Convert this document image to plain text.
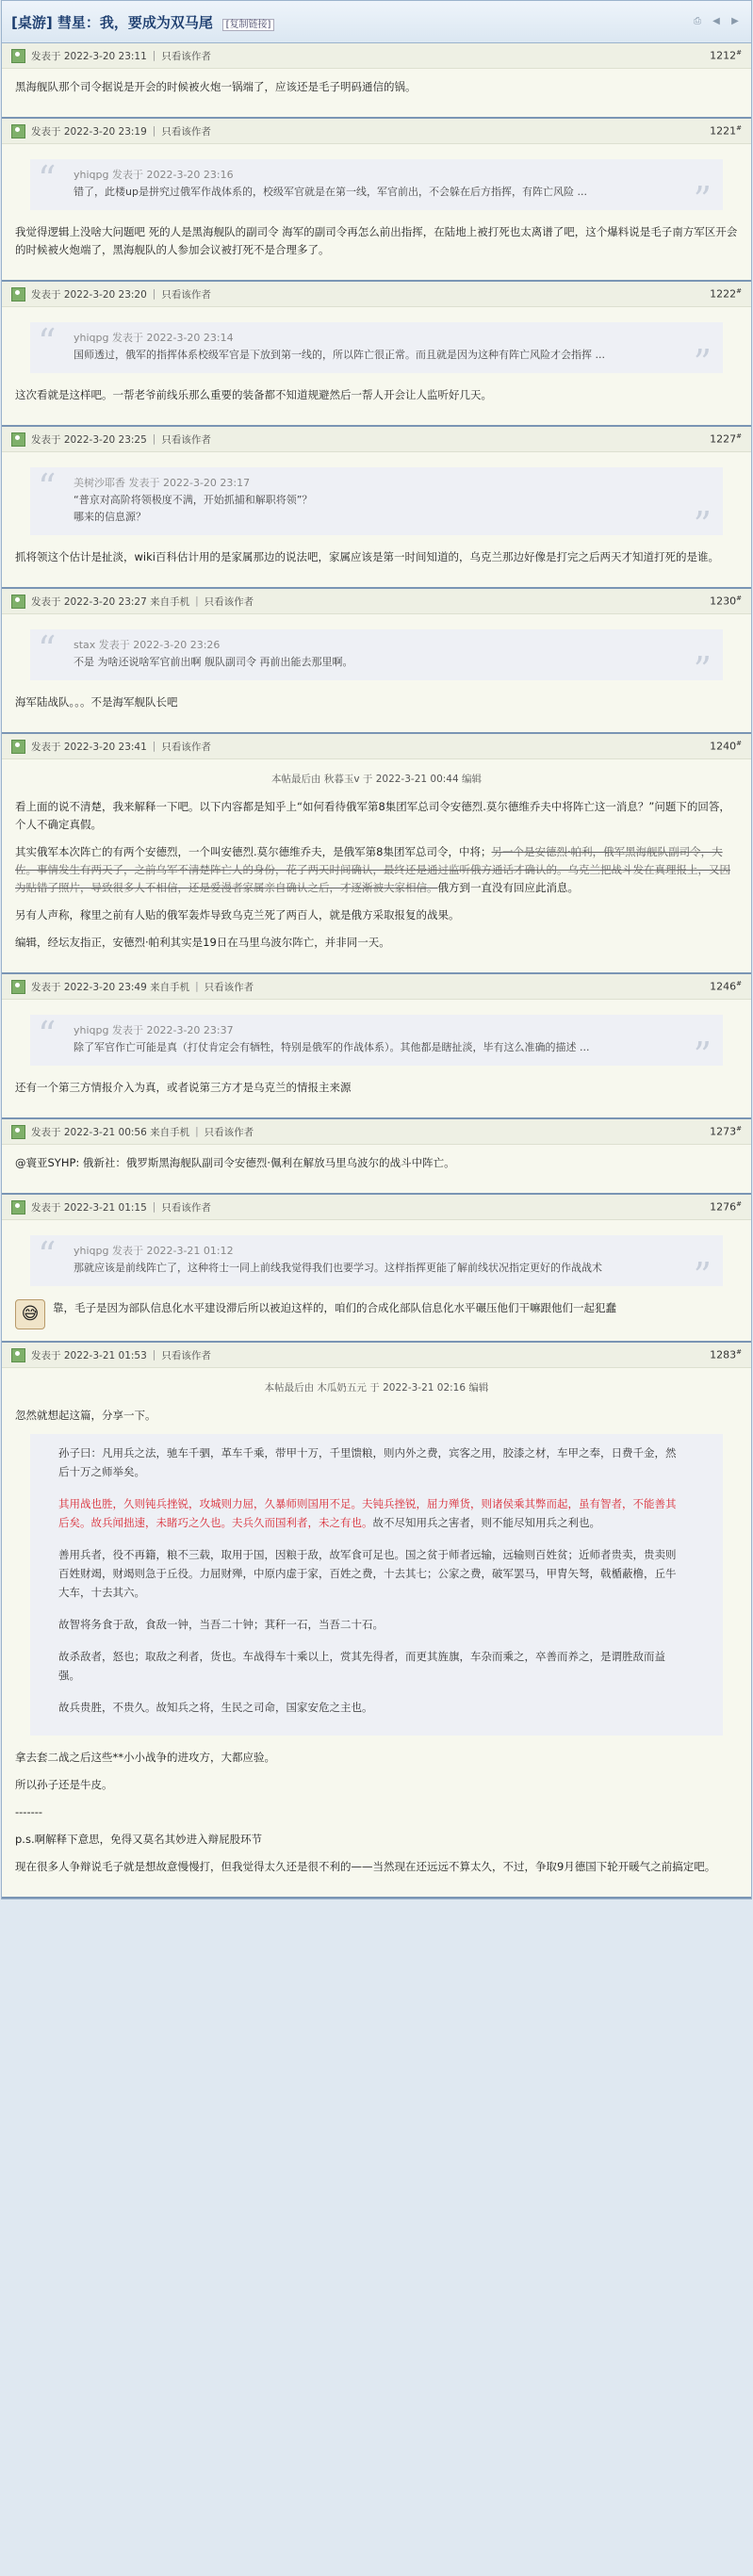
[桌游] 彗星：我，要成为双马尾 [复制链接]	⎙	◀	▶
发表于 2022-3-20 23:11 | 只看该作者	1212#

黑海舰队那个司令据说是开会的时候被火炮一锅端了，应该还是毛子明码通信的锅。

发表于 2022-3-20 23:19 | 只看该作者	1221#
“ yhiqpg 发表于 2022-3-20 23:16
错了，此楼up是拼究过俄军作战体系的，校级军官就是在第一线，军官前出，不会躲在后方指挥，有阵亡风险 ...	”

我觉得逻辑上没啥大问题吧 死的人是黑海舰队的副司令 海军的副司令再怎么前出指挥，在陆地上被打死也太离谱了吧，这个爆料说是毛子南方军区开会的时候被火炮端了，黑海舰队的人参加会议被打死不是合理多了。

发表于 2022-3-20 23:20 | 只看该作者	1222#
“ yhiqpg 发表于 2022-3-20 23:14
国师透过，俄军的指挥体系校级军官是下放到第一线的，所以阵亡很正常。而且就是因为这种有阵亡风险才会指挥 ...	”

这次看就是这样吧。一帮老爷前线乐那么重要的装备都不知道规避然后一帮人开会让人监听好几天。

发表于 2022-3-20 23:25 | 只看该作者	1227#
“ 美树沙耶香 发表于 2022-3-20 23:17
“普京对高阶将领极度不满，开始抓捕和解职将领”？
哪来的信息源？	”

抓将领这个估计是扯淡，wiki百科估计用的是家属那边的说法吧，家属应该是第一时间知道的，乌克兰那边好像是打完之后两天才知道打死的是谁。

发表于 2022-3-20 23:27 来自手机 | 只看该作者	1230#
“ stax 发表于 2022-3-20 23:26
不是 为啥还说啥军官前出啊 舰队副司令 再前出能去那里啊。	”

海军陆战队。。。不是海军舰队长吧

发表于 2022-3-20 23:41 | 只看该作者	1240#
本帖最后由 秋暮玉v 于 2022-3-21 00:44 编辑

看上面的说不清楚，我来解释一下吧。以下内容都是知乎上“如何看待俄军第8集团军总司令安德烈.莫尔德维乔夫中将阵亡这一消息？”问题下的回答，个人不确定真假。

其实俄军本次阵亡的有两个安德烈，一个叫安德烈.莫尔德维乔夫，是俄军第8集团军总司令，中将；另一个是安德烈·帕利，俄军黑海舰队副司令，大佐。事情发生有两天了，之前乌军不清楚阵亡人的身份，花了两天时间确认，最终还是通过监听俄方通话才确认的。乌克兰把战斗发在真理报上，又因为贴错了照片，导致很多人不相信，还是爱漫者家属亲自确认之后，才逐渐被大家相信。俄方到一直没有回应此消息。

另有人声称，稼里之前有人贴的俄军轰炸导致乌克兰死了两百人，就是俄方采取报复的战果。

编辑，经坛友指正，安德烈·帕利其实是19日在马里乌波尔阵亡，并非同一天。

发表于 2022-3-20 23:49 来自手机 | 只看该作者	1246#
“ yhiqpg 发表于 2022-3-20 23:37
除了军官作亡可能是真（打仗肯定会有牺牲，特别是俄军的作战体系）。其他都是瞎扯淡，毕有这么准确的描述 ...	”

还有一个第三方情报介入为真，或者说第三方才是乌克兰的情报主来源

发表于 2022-3-21 00:56 来自手机 | 只看该作者	1273#

@寰亚SYHP: 俄新社：俄罗斯黑海舰队副司令安德烈·佩利在解放马里乌波尔的战斗中阵亡。

发表于 2022-3-21 01:15 | 只看该作者	1276#
“ yhiqpg 发表于 2022-3-21 01:12
那就应该是前线阵亡了，这种将士一同上前线我觉得我们也要学习。这样指挥更能了解前线状况指定更好的作战战术	”
😅	靠，毛子是因为部队信息化水平建设滞后所以被迫这样的，咱们的合成化部队信息化水平碾压他们干嘛跟他们一起犯蠢

发表于 2022-3-21 01:53 | 只看该作者	1283#
本帖最后由 木瓜奶五元 于 2022-3-21 02:16 编辑

忽然就想起这篇，分享一下。

孙子曰：凡用兵之法，驰车千驷，革车千乘，带甲十万，千里馈粮，则内外之费，宾客之用，胶漆之材，车甲之奉，日费千金，然后十万之师举矣。

其用战也胜，久则钝兵挫锐，攻城则力屈，久暴师则国用不足。夫钝兵挫锐，屈力殚货，则诸侯乘其弊而起，虽有智者，不能善其后矣。故兵闻拙速，未睹巧之久也。夫兵久而国利者，未之有也。故不尽知用兵之害者，则不能尽知用兵之利也。

善用兵者，役不再籍，粮不三载，取用于国，因粮于敌，故军食可足也。国之贫于师者远输，远输则百姓贫；近师者贵卖，贵卖则百姓财竭，财竭则急于丘役。力屈财殚，中原内虚于家，百姓之费，十去其七；公家之费，破军罢马，甲胄矢弩，戟楯蔽橹，丘牛大车，十去其六。

故智将务食于敌，食敌一钟，当吾二十钟；萁秆一石，当吾二十石。

故杀敌者，怒也；取敌之利者，货也。车战得车十乘以上，赏其先得者，而更其旌旗，车杂而乘之，卒善而养之，是谓胜敌而益强。

故兵贵胜，不贵久。故知兵之将，生民之司命，国家安危之主也。

拿去套二战之后这些**小小战争的进攻方，大都应验。

所以孙子还是牛皮。

-------

p.s.啊解释下意思，免得又莫名其妙进入辩屁股环节

现在很多人争辩说毛子就是想故意慢慢打，但我觉得太久还是很不利的——当然现在还远远不算太久，不过，争取9月德国下轮开暖气之前搞定吧。
